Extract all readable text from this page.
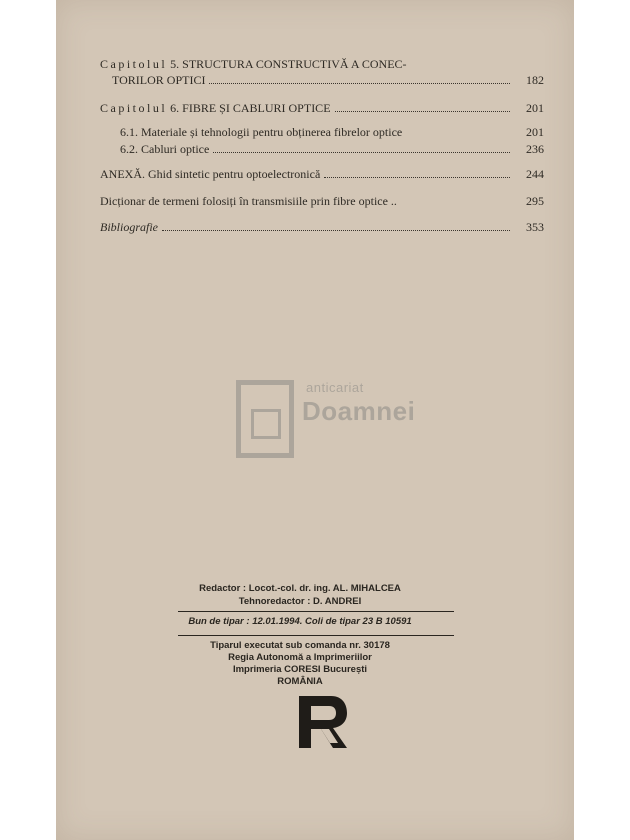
Capitolul 5. STRUCTURA CONSTRUCTIVĂ A CONEC-
TORILOR OPTICI	182
Capitolul 6. FIBRE ȘI CABLURI OPTICE	201
6.1. Materiale și tehnologii pentru obținerea fibrelor optice	201
6.2. Cabluri optice	236
ANEXĂ. Ghid sintetic pentru optoelectronică	244
Dicționar de termeni folosiți în transmisiile prin fibre optice ..	295
Bibliografie	353
anticariat
Doamnei
Redactor : Locot.-col. dr. ing. AL. MIHALCEA
Tehnoredactor : D. ANDREI
Bun de tipar : 12.01.1994. Coli de tipar 23 B 10591
Tiparul executat sub comanda nr. 30178
Regia Autonomă a Imprimeriilor
Imprimeria CORESI București
ROMÂNIA
